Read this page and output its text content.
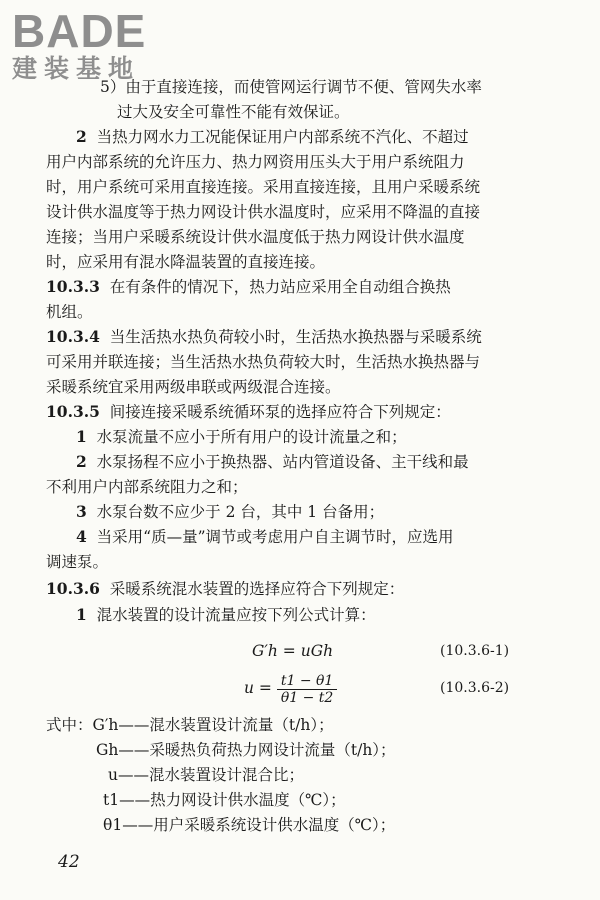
BADE
建装基地
5）由于直接连接，而使管网运行调节不便、管网失水率
过大及安全可靠性不能有效保证。
2 当热力网水力工况能保证用户内部系统不汽化、不超过
用户内部系统的允许压力、热力网资用压头大于用户系统阻力
时，用户系统可采用直接连接。采用直接连接，且用户采暖系统
设计供水温度等于热力网设计供水温度时，应采用不降温的直接
连接；当用户采暖系统设计供水温度低于热力网设计供水温度
时，应采用有混水降温装置的直接连接。
10.3.3 在有条件的情况下，热力站应采用全自动组合换热
机组。
10.3.4 当生活热水热负荷较小时，生活热水换热器与采暖系统
可采用并联连接；当生活热水热负荷较大时，生活热水换热器与
采暖系统宜采用两级串联或两级混合连接。
10.3.5 间接连接采暖系统循环泵的选择应符合下列规定：
1 水泵流量不应小于所有用户的设计流量之和；
2 水泵扬程不应小于换热器、站内管道设备、主干线和最
不利用户内部系统阻力之和；
3 水泵台数不应少于 2 台，其中 1 台备用；
4 当采用“质—量”调节或考虑用户自主调节时，应选用
调速泵。
10.3.6 采暖系统混水装置的选择应符合下列规定：
1 混水装置的设计流量应按下列公式计算：
G′h = uGh	(10.3.6-1)
$u = \frac{t1 - \theta 1}{\theta 1 - t2}$	(10.3.6-2)
式中：G′h——混水装置设计流量（t/h）；
Gh——采暖热负荷热力网设计流量（t/h）；
u——混水装置设计混合比；
t1——热力网设计供水温度（℃）；
θ1——用户采暖系统设计供水温度（℃）；
42
